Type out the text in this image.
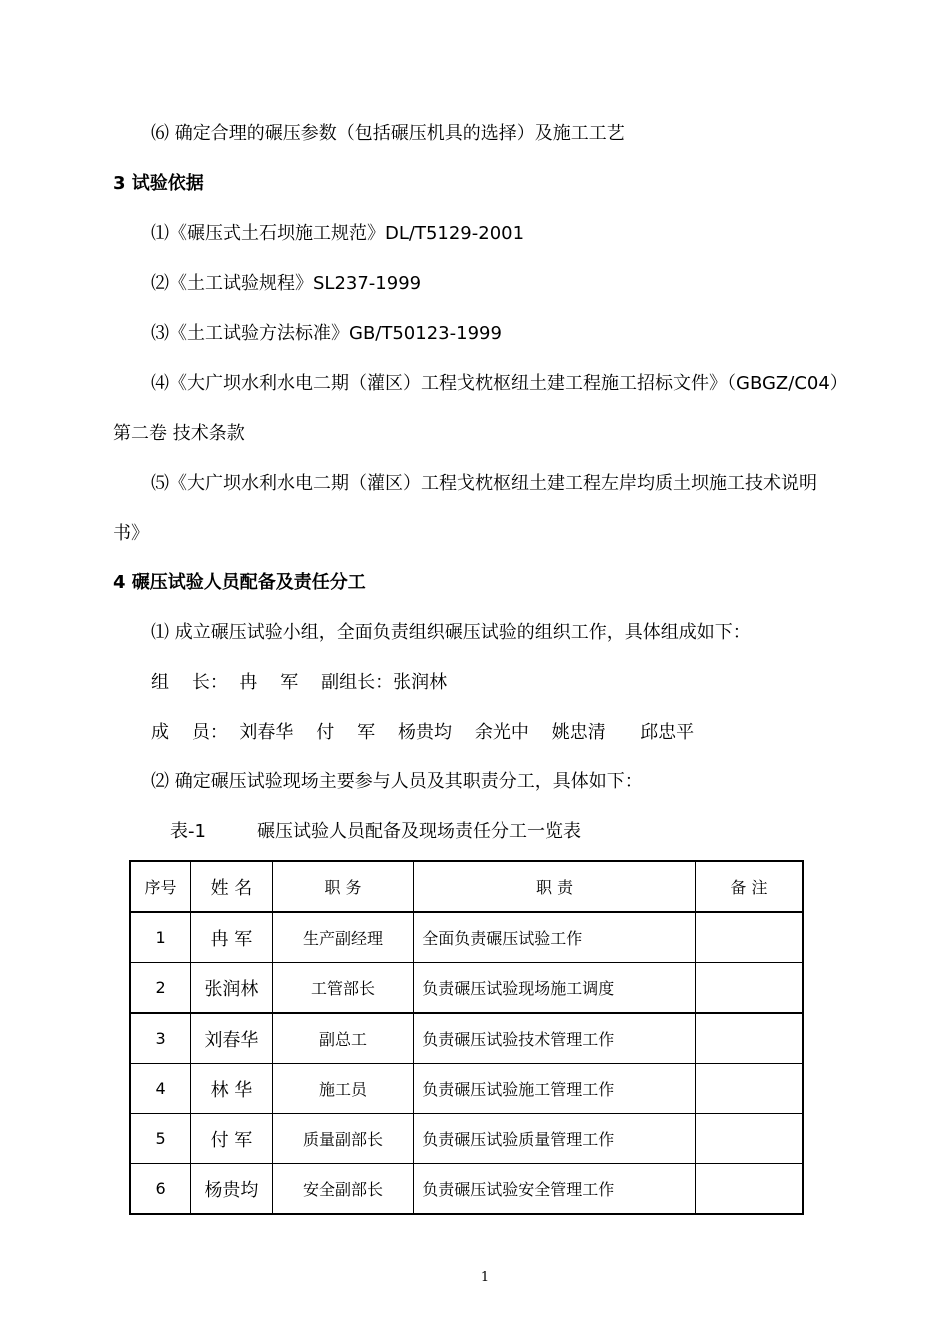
⑹ 确定合理的碾压参数（包括碾压机具的选择）及施工工艺
3 试验依据
⑴《碾压式土石坝施工规范》DL/T5129-2001
⑵《土工试验规程》SL237-1999
⑶《土工试验方法标准》GB/T50123-1999
⑷《大广坝水利水电二期（灌区）工程戈枕枢纽土建工程施工招标文件》（GBGZ/C04）
第二卷 技术条款
⑸《大广坝水利水电二期（灌区）工程戈枕枢纽土建工程左岸均质土坝施工技术说明
书》
4 碾压试验人员配备及责任分工
⑴ 成立碾压试验小组，全面负责组织碾压试验的组织工作，具体组成如下：
组    长：  冉    军    副组长：张润林
成    员：  刘春华    付    军    杨贵均    余光中    姚忠清      邱忠平
⑵ 确定碾压试验现场主要参与人员及其职责分工，具体如下：
表-1	碾压试验人员配备及现场责任分工一览表
序号	姓 名	职 务	职 责	备 注
1	冉 军	生产副经理	全面负责碾压试验工作	
2	张润林	工管部长	负责碾压试验现场施工调度	
3	刘春华	副总工	负责碾压试验技术管理工作	
4	林 华	施工员	负责碾压试验施工管理工作	
5	付 军	质量副部长	负责碾压试验质量管理工作	
6	杨贵均	安全副部长	负责碾压试验安全管理工作	
1
